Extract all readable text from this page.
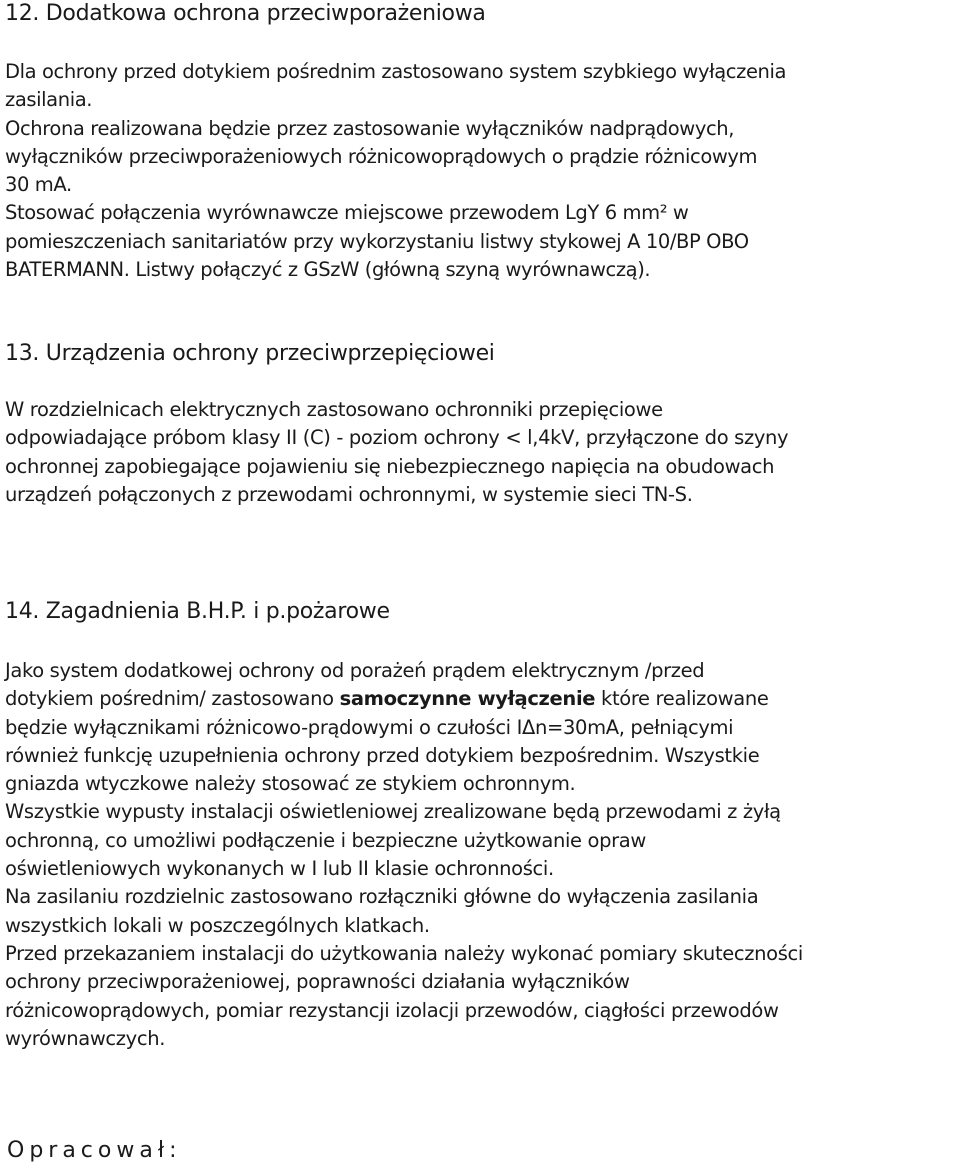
12. Dodatkowa ochrona przeciwporażeniowa
Dla ochrony przed dotykiem pośrednim zastosowano system szybkiego wyłączenia
zasilania.
Ochrona realizowana będzie przez zastosowanie wyłączników nadprądowych,
wyłączników przeciwporażeniowych różnicowoprądowych o prądzie różnicowym
30 mA.
Stosować połączenia wyrównawcze miejscowe przewodem LgY 6 mm² w
pomieszczeniach sanitariatów przy wykorzystaniu listwy stykowej A 10/BP OBO
BATERMANN. Listwy połączyć z GSzW (główną szyną wyrównawczą).
13. Urządzenia ochrony przeciwprzepięciowei
W rozdzielnicach elektrycznych zastosowano ochronniki przepięciowe
odpowiadające próbom klasy II (C) - poziom ochrony < l,4kV, przyłączone do szyny
ochronnej zapobiegające pojawieniu się niebezpiecznego napięcia na obudowach
urządzeń połączonych z przewodami ochronnymi, w systemie sieci TN-S.
14. Zagadnienia B.H.P. i p.pożarowe
Jako system dodatkowej ochrony od porażeń prądem elektrycznym /przed
dotykiem pośrednim/ zastosowano samoczynne wyłączenie które realizowane
będzie wyłącznikami różnicowo-prądowymi o czułości IΔn=30mA, pełniącymi
również funkcję uzupełnienia ochrony przed dotykiem bezpośrednim. Wszystkie
gniazda wtyczkowe należy stosować ze stykiem ochronnym.
Wszystkie wypusty instalacji oświetleniowej zrealizowane będą przewodami z żyłą
ochronną, co umożliwi podłączenie i bezpieczne użytkowanie opraw
oświetleniowych wykonanych w I lub II klasie ochronności.
Na zasilaniu rozdzielnic zastosowano rozłączniki główne do wyłączenia zasilania
wszystkich lokali w poszczególnych klatkach.
Przed przekazaniem instalacji do użytkowania należy wykonać pomiary skuteczności
ochrony przeciwporażeniowej, poprawności działania wyłączników
różnicowoprądowych, pomiar rezystancji izolacji przewodów, ciągłości przewodów
wyrównawczych.
Opracował:
